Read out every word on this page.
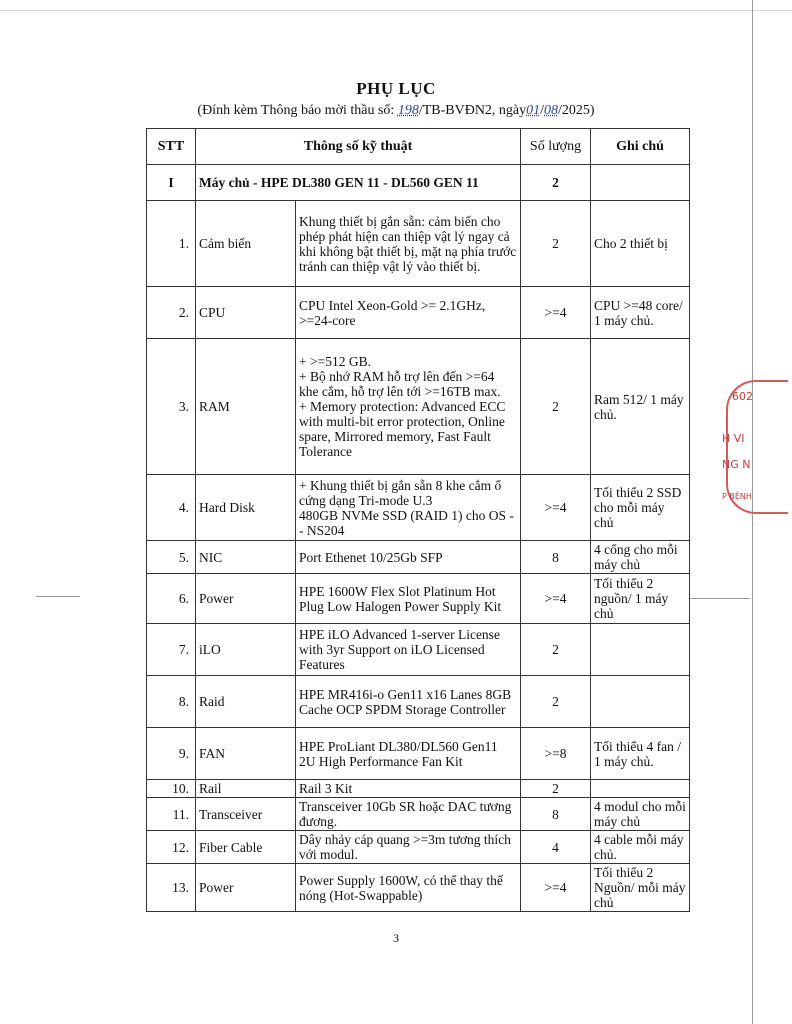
PHỤ LỤC
(Đính kèm Thông báo mời thầu số: 198/TB-BVĐN2, ngày01/08/2025)
STT	Thông số kỹ thuật		Số lượng	Ghi chú
I	Máy chủ - HPE DL380 GEN 11 - DL560 GEN 11		2	
1.	Cảm biến	Khung thiết bị gắn sẵn: cảm biến cho phép phát hiện can thiệp vật lý ngay cả khi không bật thiết bị, mặt nạ phía trước tránh can thiệp vật lý vào thiết bị.	2	Cho 2 thiết bị
2.	CPU	CPU Intel Xeon-Gold >= 2.1GHz, >=24-core	>=4	CPU >=48 core/ 1 máy chủ.
3.	RAM	+ >=512 GB.
+ Bộ nhớ RAM hỗ trợ lên đến >=64 khe cắm, hỗ trợ lên tới >=16TB max.
+ Memory protection: Advanced ECC with multi-bit error protection, Online spare, Mirrored memory, Fast Fault Tolerance	2	Ram 512/ 1 máy chủ.
4.	Hard Disk	+ Khung thiết bị gắn sẵn 8 khe cắm ổ cứng dạng Tri-mode U.3
480GB NVMe SSD (RAID 1) cho OS -- NS204	>=4	Tối thiểu 2 SSD cho mỗi máy chủ
5.	NIC	Port Ethenet 10/25Gb SFP	8	4 cổng cho mỗi máy chủ
6.	Power	HPE 1600W Flex Slot Platinum Hot Plug Low Halogen Power Supply Kit	>=4	Tối thiểu 2 nguồn/ 1 máy chủ
7.	iLO	HPE iLO Advanced 1-server License with 3yr Support on iLO Licensed Features	2	
8.	Raid	HPE MR416i-o Gen11 x16 Lanes 8GB Cache OCP SPDM Storage Controller	2	
9.	FAN	HPE ProLiant DL380/DL560 Gen11 2U High Performance Fan Kit	>=8	Tối thiểu 4 fan / 1 máy chủ.
10.	Rail	Rail 3 Kit	2	
11.	Transceiver	Transceiver 10Gb SR hoặc DAC tương đương.	8	4 modul cho mỗi máy chủ
12.	Fiber Cable	Dây nhảy cáp quang >=3m tương thích với modul.	4	4 cable mỗi máy chủ.
13.	Power	Power Supply 1600W, có thể thay thế nóng (Hot-Swappable)	>=4	Tối thiểu 2 Nguồn/ mỗi máy chủ
3
602
H VI
NG N
P BỆNH
